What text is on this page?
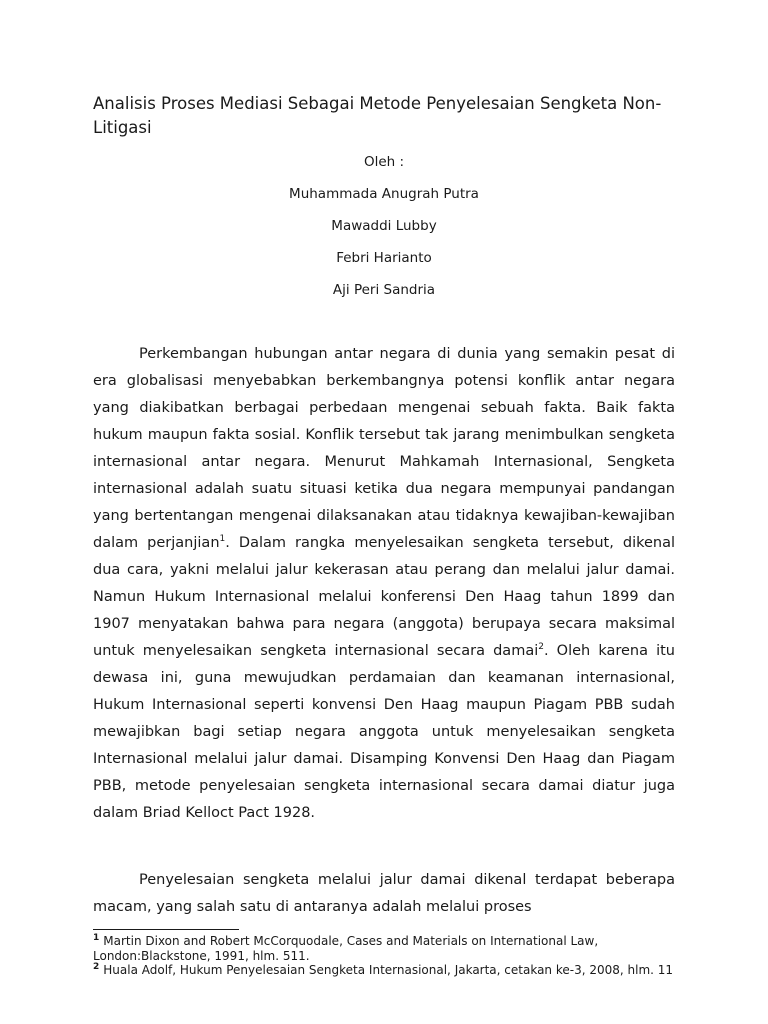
Analisis Proses Mediasi Sebagai Metode Penyelesaian Sengketa Non-Litigasi
Oleh :
Muhammada Anugrah Putra
Mawaddi Lubby
Febri Harianto
Aji Peri Sandria

Perkembangan hubungan antar negara di dunia yang semakin pesat di era globalisasi menyebabkan berkembangnya potensi konflik antar negara yang diakibatkan berbagai perbedaan mengenai sebuah fakta. Baik fakta hukum maupun fakta sosial. Konflik tersebut tak jarang menimbulkan sengketa internasional antar negara. Menurut Mahkamah Internasional, Sengketa internasional adalah suatu situasi ketika dua negara mempunyai pandangan yang bertentangan mengenai dilaksanakan atau tidaknya kewajiban-kewajiban dalam perjanjian$^1$. Dalam rangka menyelesaikan sengketa tersebut, dikenal dua cara, yakni melalui jalur kekerasan atau perang dan melalui jalur damai. Namun Hukum Internasional melalui konferensi Den Haag tahun 1899 dan 1907 menyatakan bahwa para negara (anggota) berupaya secara maksimal untuk menyelesaikan sengketa internasional secara damai$^2$. Oleh karena itu dewasa ini, guna mewujudkan perdamaian dan keamanan internasional, Hukum Internasional seperti konvensi Den Haag maupun Piagam PBB sudah mewajibkan bagi setiap negara anggota untuk menyelesaikan sengketa Internasional melalui jalur damai. Disamping Konvensi Den Haag dan Piagam PBB, metode penyelesaian sengketa internasional secara damai diatur juga dalam Briad Kelloct Pact 1928.

Penyelesaian sengketa melalui jalur damai dikenal terdapat beberapa macam, yang salah satu di antaranya adalah melalui proses

$^1$ Martin Dixon and Robert McCorquodale, Cases and Materials on International Law, London:Blackstone, 1991, hlm. 511.

$^2$ Huala Adolf, Hukum Penyelesaian Sengketa Internasional, Jakarta, cetakan ke-3, 2008, hlm. 11
